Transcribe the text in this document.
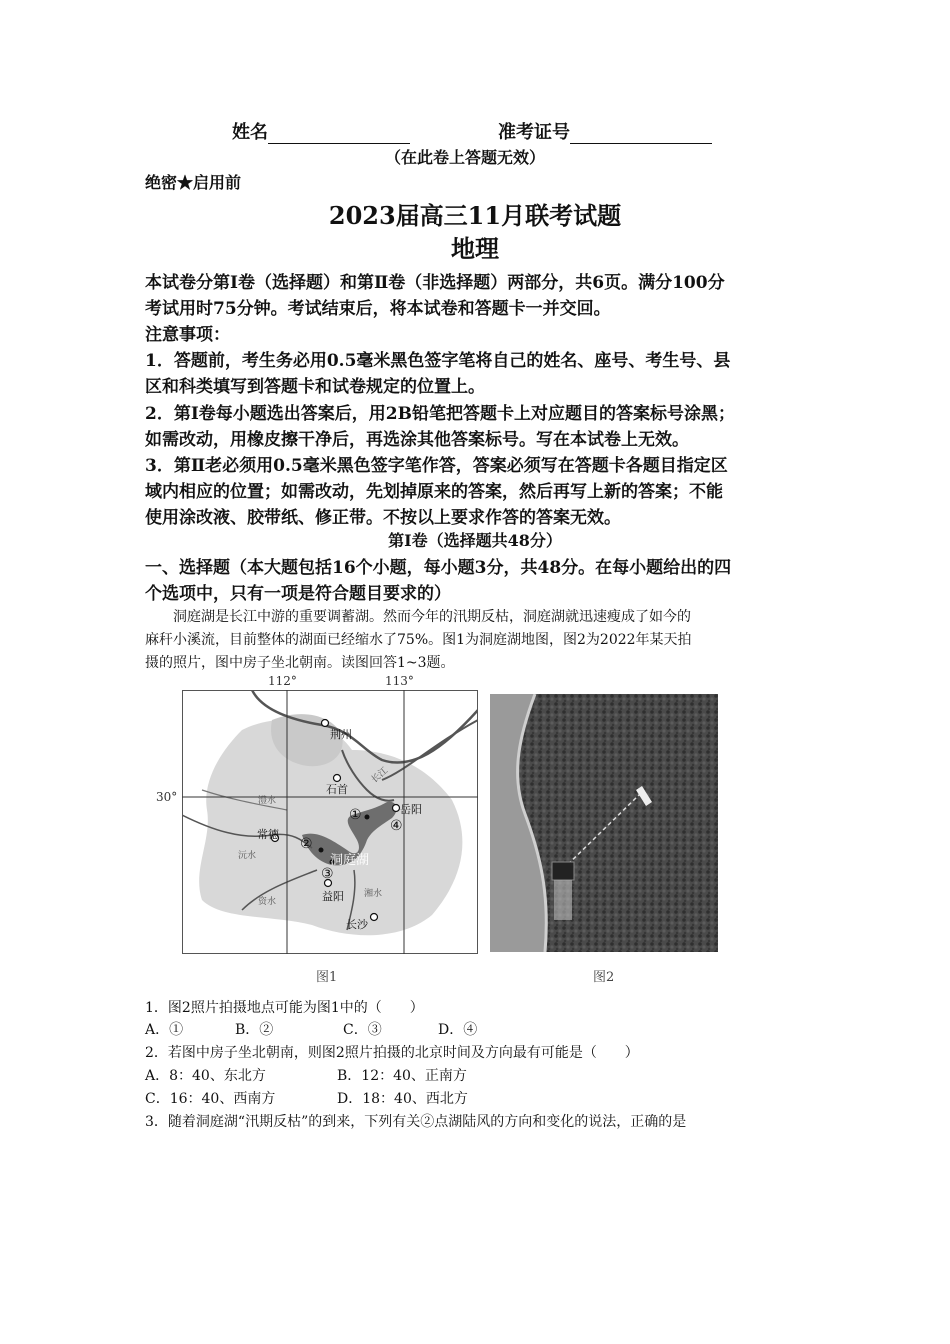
姓名	准考证号
（在此卷上答题无效）
绝密★启用前
2023届高三11月联考试题
地理
本试卷分第Ⅰ卷（选择题）和第Ⅱ卷（非选择题）两部分，共6页。满分100分
考试用时75分钟。考试结束后，将本试卷和答题卡一并交回。
注意事项：
1．答题前，考生务必用0.5毫米黑色签字笔将自己的姓名、座号、考生号、县
区和科类填写到答题卡和试卷规定的位置上。
2．第Ⅰ卷每小题选出答案后，用2B铅笔把答题卡上对应题目的答案标号涂黑；
如需改动，用橡皮擦干净后，再选涂其他答案标号。写在本试卷上无效。
3．第Ⅱ老必须用0.5毫米黑色签字笔作答，答案必须写在答题卡各题目指定区
域内相应的位置；如需改动，先划掉原来的答案，然后再写上新的答案；不能
使用涂改液、胶带纸、修正带。不按以上要求作答的答案无效。
第Ⅰ卷（选择题共48分）
一、选择题（本大题包括16个小题，每小题3分，共48分。在每小题给出的四
个选项中，只有一项是符合题目要求的）
　　洞庭湖是长江中游的重要调蓄湖。然而今年的汛期反枯，洞庭湖就迅速瘦成了如今的
麻秆小溪流，目前整体的湖面已经缩水了75%。图1为洞庭湖地图，图2为2022年某天拍
摄的照片，图中房子坐北朝南。读图回答1~3题。
112°	113°
30°
荆州
石首
岳阳
常德
洞庭湖
益阳
长沙
沅水
资水
湘水
澧水
长江
①
②
③
④
图1	图2
1．图2照片拍摄地点可能为图1中的（　　）
A．①	B．②	C．③	D．④
2．若图中房子坐北朝南，则图2照片拍摄的北京时间及方向最有可能是（　　）
A．8：40、东北方	B．12：40、正南方
C．16：40、西南方	D．18：40、西北方
3．随着洞庭湖“汛期反枯”的到来，下列有关②点湖陆风的方向和变化的说法，正确的是
